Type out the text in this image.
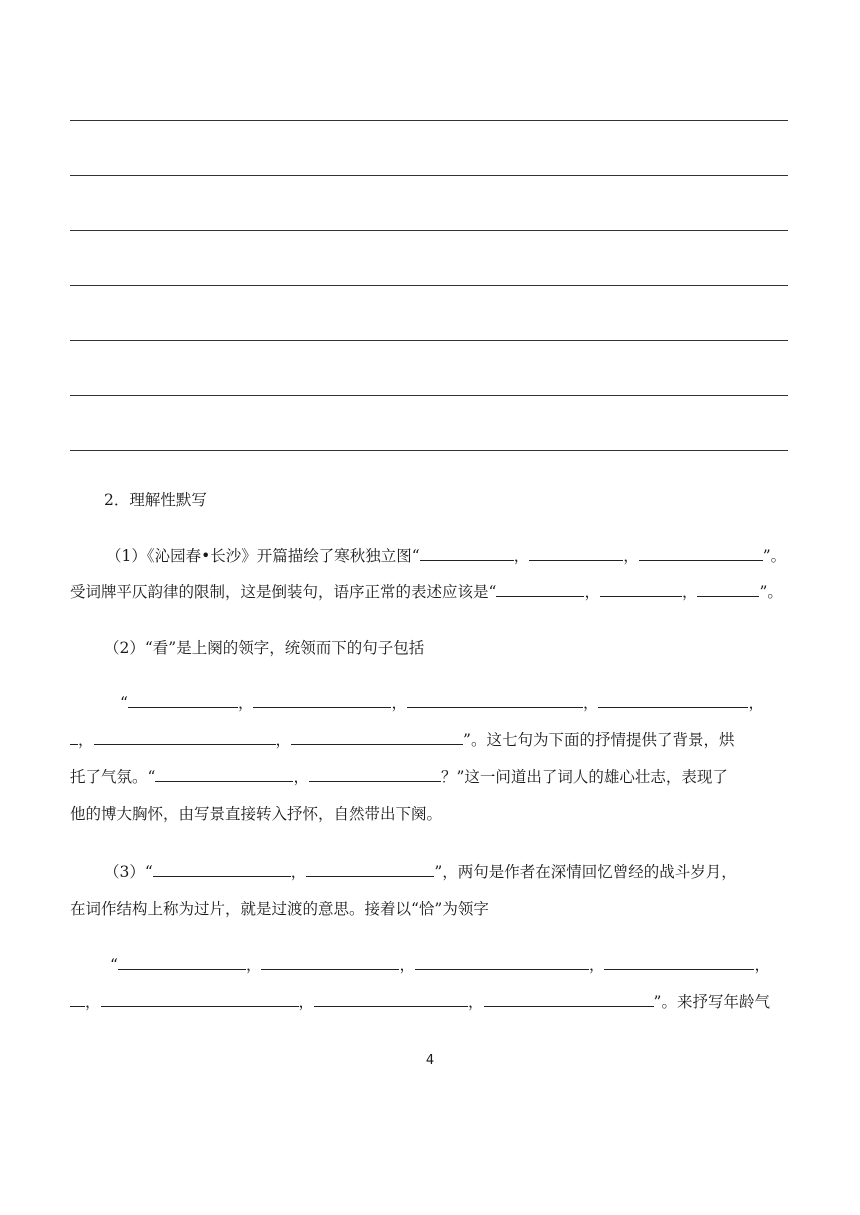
2．理解性默写
（1）《沁园春•长沙》开篇描绘了寒秋独立图“	，	，	”。
受词牌平仄韵律的限制，这是倒装句，语序正常的表述应该是“	，	，	”。
（2）“看”是上阕的领字，统领而下的句子包括
“	，	，	，	，
，	，	”。这七句为下面的抒情提供了背景，烘
托了气氛。“	，	？”这一问道出了词人的雄心壮志，表现了
他的博大胸怀，由写景直接转入抒怀，自然带出下阕。
（3）“	，	”，两句是作者在深情回忆曾经的战斗岁月，
在词作结构上称为过片，就是过渡的意思。接着以“恰”为领字
“	，	，	，	，
，	，	，	”。来抒写年龄气
4
